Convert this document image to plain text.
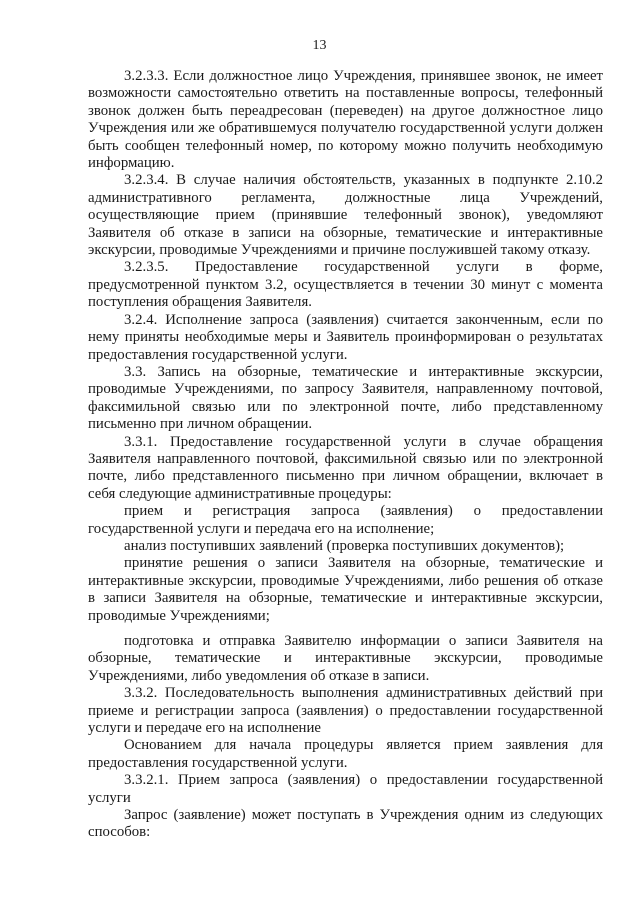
13

3.2.3.3. Если должностное лицо Учреждения, принявшее звонок, не имеет возможности самостоятельно ответить на поставленные вопросы, телефонный звонок должен быть переадресован (переведен) на другое должностное лицо Учреждения или же обратившемуся получателю государственной услуги должен быть сообщен телефонный номер, по которому можно получить необходимую информацию.

3.2.3.4. В случае наличия обстоятельств, указанных в подпункте 2.10.2 административного регламента, должностные лица Учреждений, осуществляющие прием (принявшие телефонный звонок), уведомляют Заявителя об отказе в записи на обзорные, тематические и интерактивные экскурсии, проводимые Учреждениями и причине послужившей такому отказу.

3.2.3.5. Предоставление государственной услуги в форме, предусмотренной пунктом 3.2, осуществляется в течении 30 минут с момента поступления обращения Заявителя.

3.2.4. Исполнение запроса (заявления) считается законченным, если по нему приняты необходимые меры и Заявитель проинформирован о результатах предоставления государственной услуги.

3.3. Запись на обзорные, тематические и интерактивные экскурсии, проводимые Учреждениями, по запросу Заявителя, направленному почтовой, факсимильной связью или по электронной почте, либо представленному письменно при личном обращении.

3.3.1. Предоставление государственной услуги в случае обращения Заявителя направленного почтовой, факсимильной связью или по электронной почте, либо представленного письменно при личном обращении, включает в себя следующие административные процедуры:

прием и регистрация запроса (заявления) о предоставлении государственной услуги и передача его на исполнение;

анализ поступивших заявлений (проверка поступивших документов);

принятие решения о записи Заявителя на обзорные, тематические и интерактивные экскурсии, проводимые Учреждениями, либо решения об отказе в записи Заявителя на обзорные, тематические и интерактивные экскурсии, проводимые Учреждениями;

подготовка и отправка Заявителю информации о записи Заявителя на обзорные, тематические и интерактивные экскурсии, проводимые Учреждениями, либо уведомления об отказе в записи.

3.3.2. Последовательность выполнения административных действий при приеме и регистрации запроса (заявления) о предоставлении государственной услуги и передаче его на исполнение

Основанием для начала процедуры является прием заявления для предоставления государственной услуги.

3.3.2.1. Прием запроса (заявления) о предоставлении государственной услуги

Запрос (заявление) может поступать в Учреждения одним из следующих способов:
